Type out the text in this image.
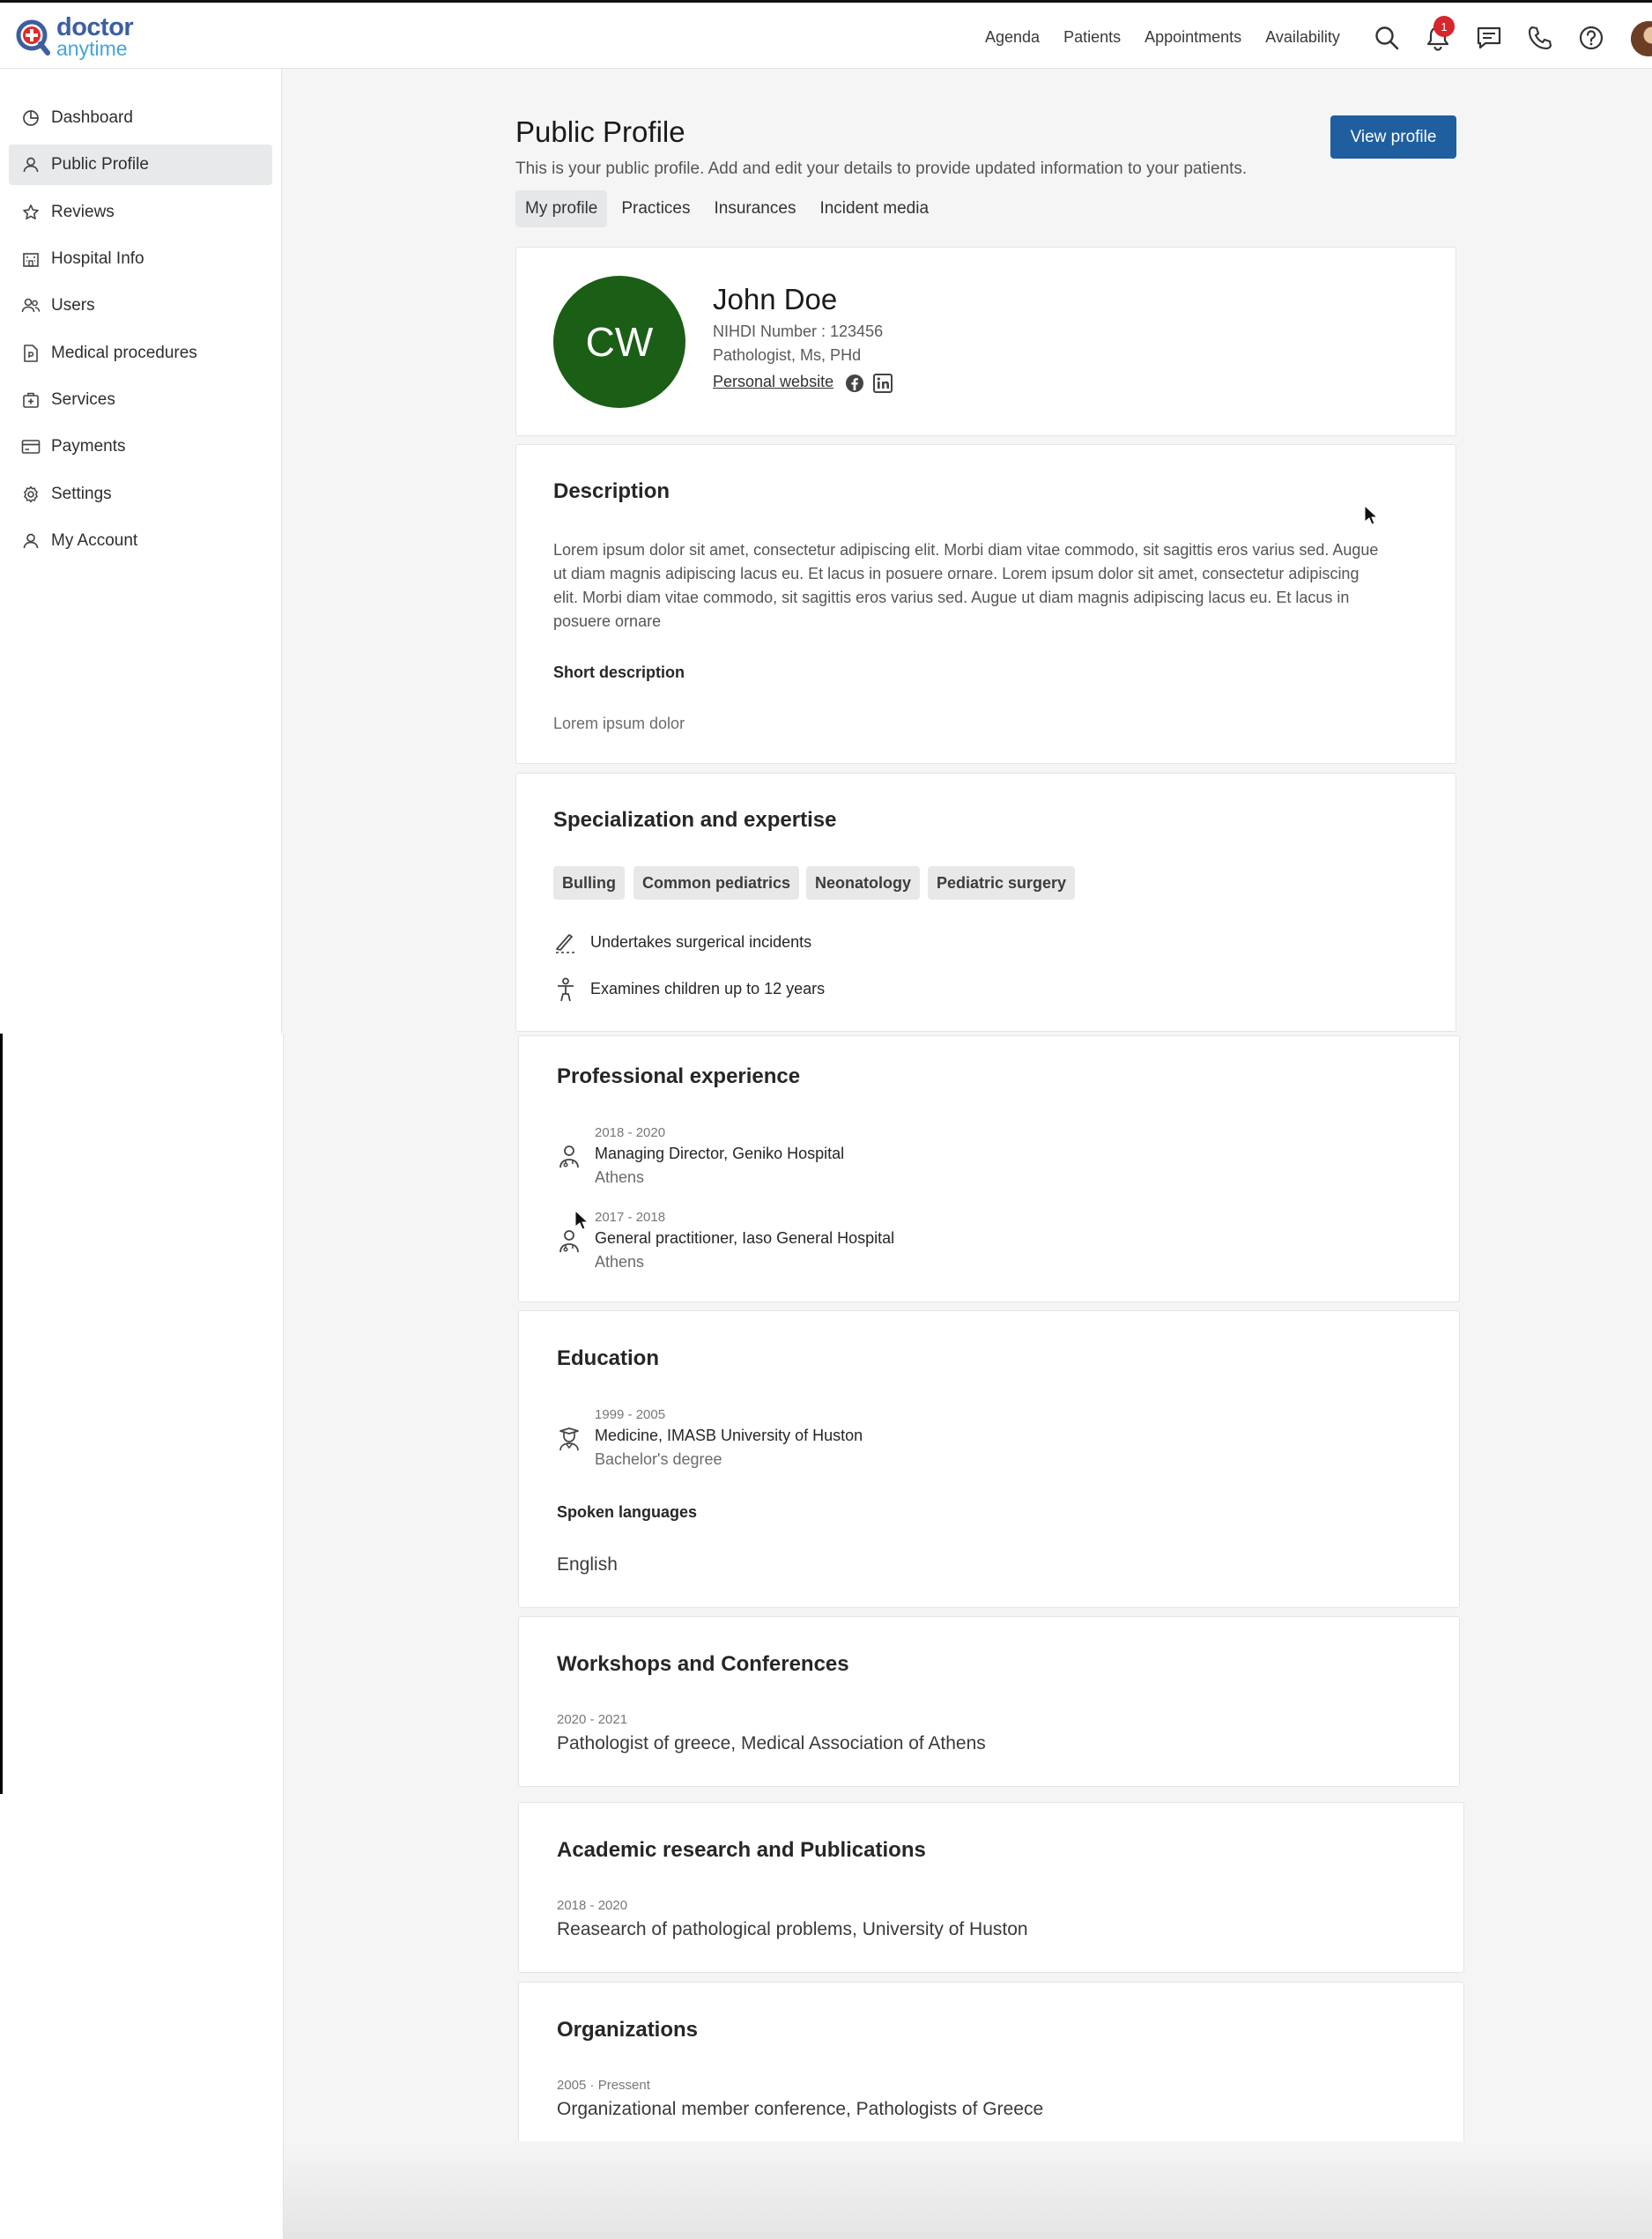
doctor
anytime
Agenda Patients Appointments Availability
1
Dashboard
Public Profile
Reviews
Hospital Info
Users
Medical procedures
Services
Payments
Settings
My Account
Public Profile
This is your public profile. Add and edit your details to provide updated information to your patients.
View profile
My profile	Practices	Insurances	Incident media
CW
John Doe
NIHDI Number : 123456
Pathologist, Ms, PHd
Personal website
Description
Lorem ipsum dolor sit amet, consectetur adipiscing elit. Morbi diam vitae commodo, sit sagittis eros varius sed. Augue
ut diam magnis adipiscing lacus eu. Et lacus in posuere ornare. Lorem ipsum dolor sit amet, consectetur adipiscing
elit. Morbi diam vitae commodo, sit sagittis eros varius sed. Augue ut diam magnis adipiscing lacus eu. Et lacus in
posuere ornare
Short description
Lorem ipsum dolor
Specialization and expertise
Bulling	Common pediatrics	Neonatology	Pediatric surgery
Undertakes surgerical incidents
Examines children up to 12 years
Professional experience
2018 - 2020
Managing Director, Geniko Hospital
Athens
2017 - 2018
General practitioner, Iaso General Hospital
Athens
Education
1999 - 2005
Medicine, IMASB University of Huston
Bachelor's degree
Spoken languages
English
Workshops and Conferences
2020 - 2021
Pathologist of greece, Medical Association of Athens
Academic research and Publications
2018 - 2020
Reasearch of pathological problems, University of Huston
Organizations
2005 · Pressent
Organizational member conference, Pathologists of Greece
